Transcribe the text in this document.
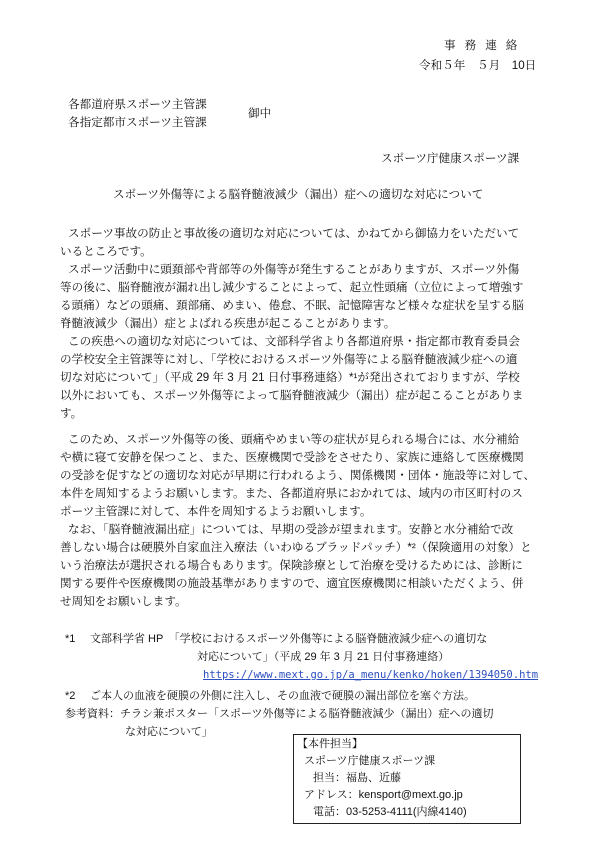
事務連絡
令和５年　５月　10日
各都道府県スポーツ主管課
各指定都市スポーツ主管課
御中
スポーツ庁健康スポーツ課
スポーツ外傷等による脳脊髄液減少（漏出）症への適切な対応について
スポーツ事故の防止と事故後の適切な対応については、かねてから御協力をいただいて
いるところです。
スポーツ活動中に頭頚部や背部等の外傷等が発生することがありますが、スポーツ外傷
等の後に、脳脊髄液が漏れ出し減少することによって、起立性頭痛（立位によって増強す
る頭痛）などの頭痛、頚部痛、めまい、倦怠、不眠、記憶障害など様々な症状を呈する脳
脊髄液減少（漏出）症とよばれる疾患が起こることがあります。
この疾患への適切な対応については、文部科学省より各都道府県・指定都市教育委員会
の学校安全主管課等に対し、「学校におけるスポーツ外傷等による脳脊髄液減少症への適
切な対応について」（平成 29 年 3 月 21 日付事務連絡）*¹が発出されておりますが、学校
以外においても、スポーツ外傷等によって脳脊髄液減少（漏出）症が起こることがありま
す。
このため、スポーツ外傷等の後、頭痛やめまい等の症状が見られる場合には、水分補給
や横に寝て安静を保つこと、また、医療機関で受診をさせたり、家族に連絡して医療機関
の受診を促すなどの適切な対応が早期に行われるよう、関係機関・団体・施設等に対して、
本件を周知するようお願いします。また、各都道府県におかれては、域内の市区町村のス
ポーツ主管課に対して、本件を周知するようお願いします。
なお、「脳脊髄液漏出症」については、早期の受診が望まれます。安静と水分補給で改
善しない場合は硬膜外自家血注入療法（いわゆるブラッドパッチ）*²（保険適用の対象）と
いう治療法が選択される場合もあります。保険診療として治療を受けるためには、診断に
関する要件や医療機関の施設基準がありますので、適宜医療機関に相談いただくよう、併
せ周知をお願いします。
*1 文部科学省 HP　「学校におけるスポーツ外傷等による脳脊髄液減少症への適切な
対応について」（平成 29 年 3 月 21 日付事務連絡）
https://www.mext.go.jp/a_menu/kenko/hoken/1394050.htm
*2 ご本人の血液を硬膜の外側に注入し、その血液で硬膜の漏出部位を塞ぐ方法。
参考資料：チラシ兼ポスター「スポーツ外傷等による脳脊髄液減少（漏出）症への適切
な対応について」
【本件担当】
スポーツ庁健康スポーツ課
担当：福島、近藤
アドレス：kensport@mext.go.jp
電話：03-5253-4111(内線4140)
